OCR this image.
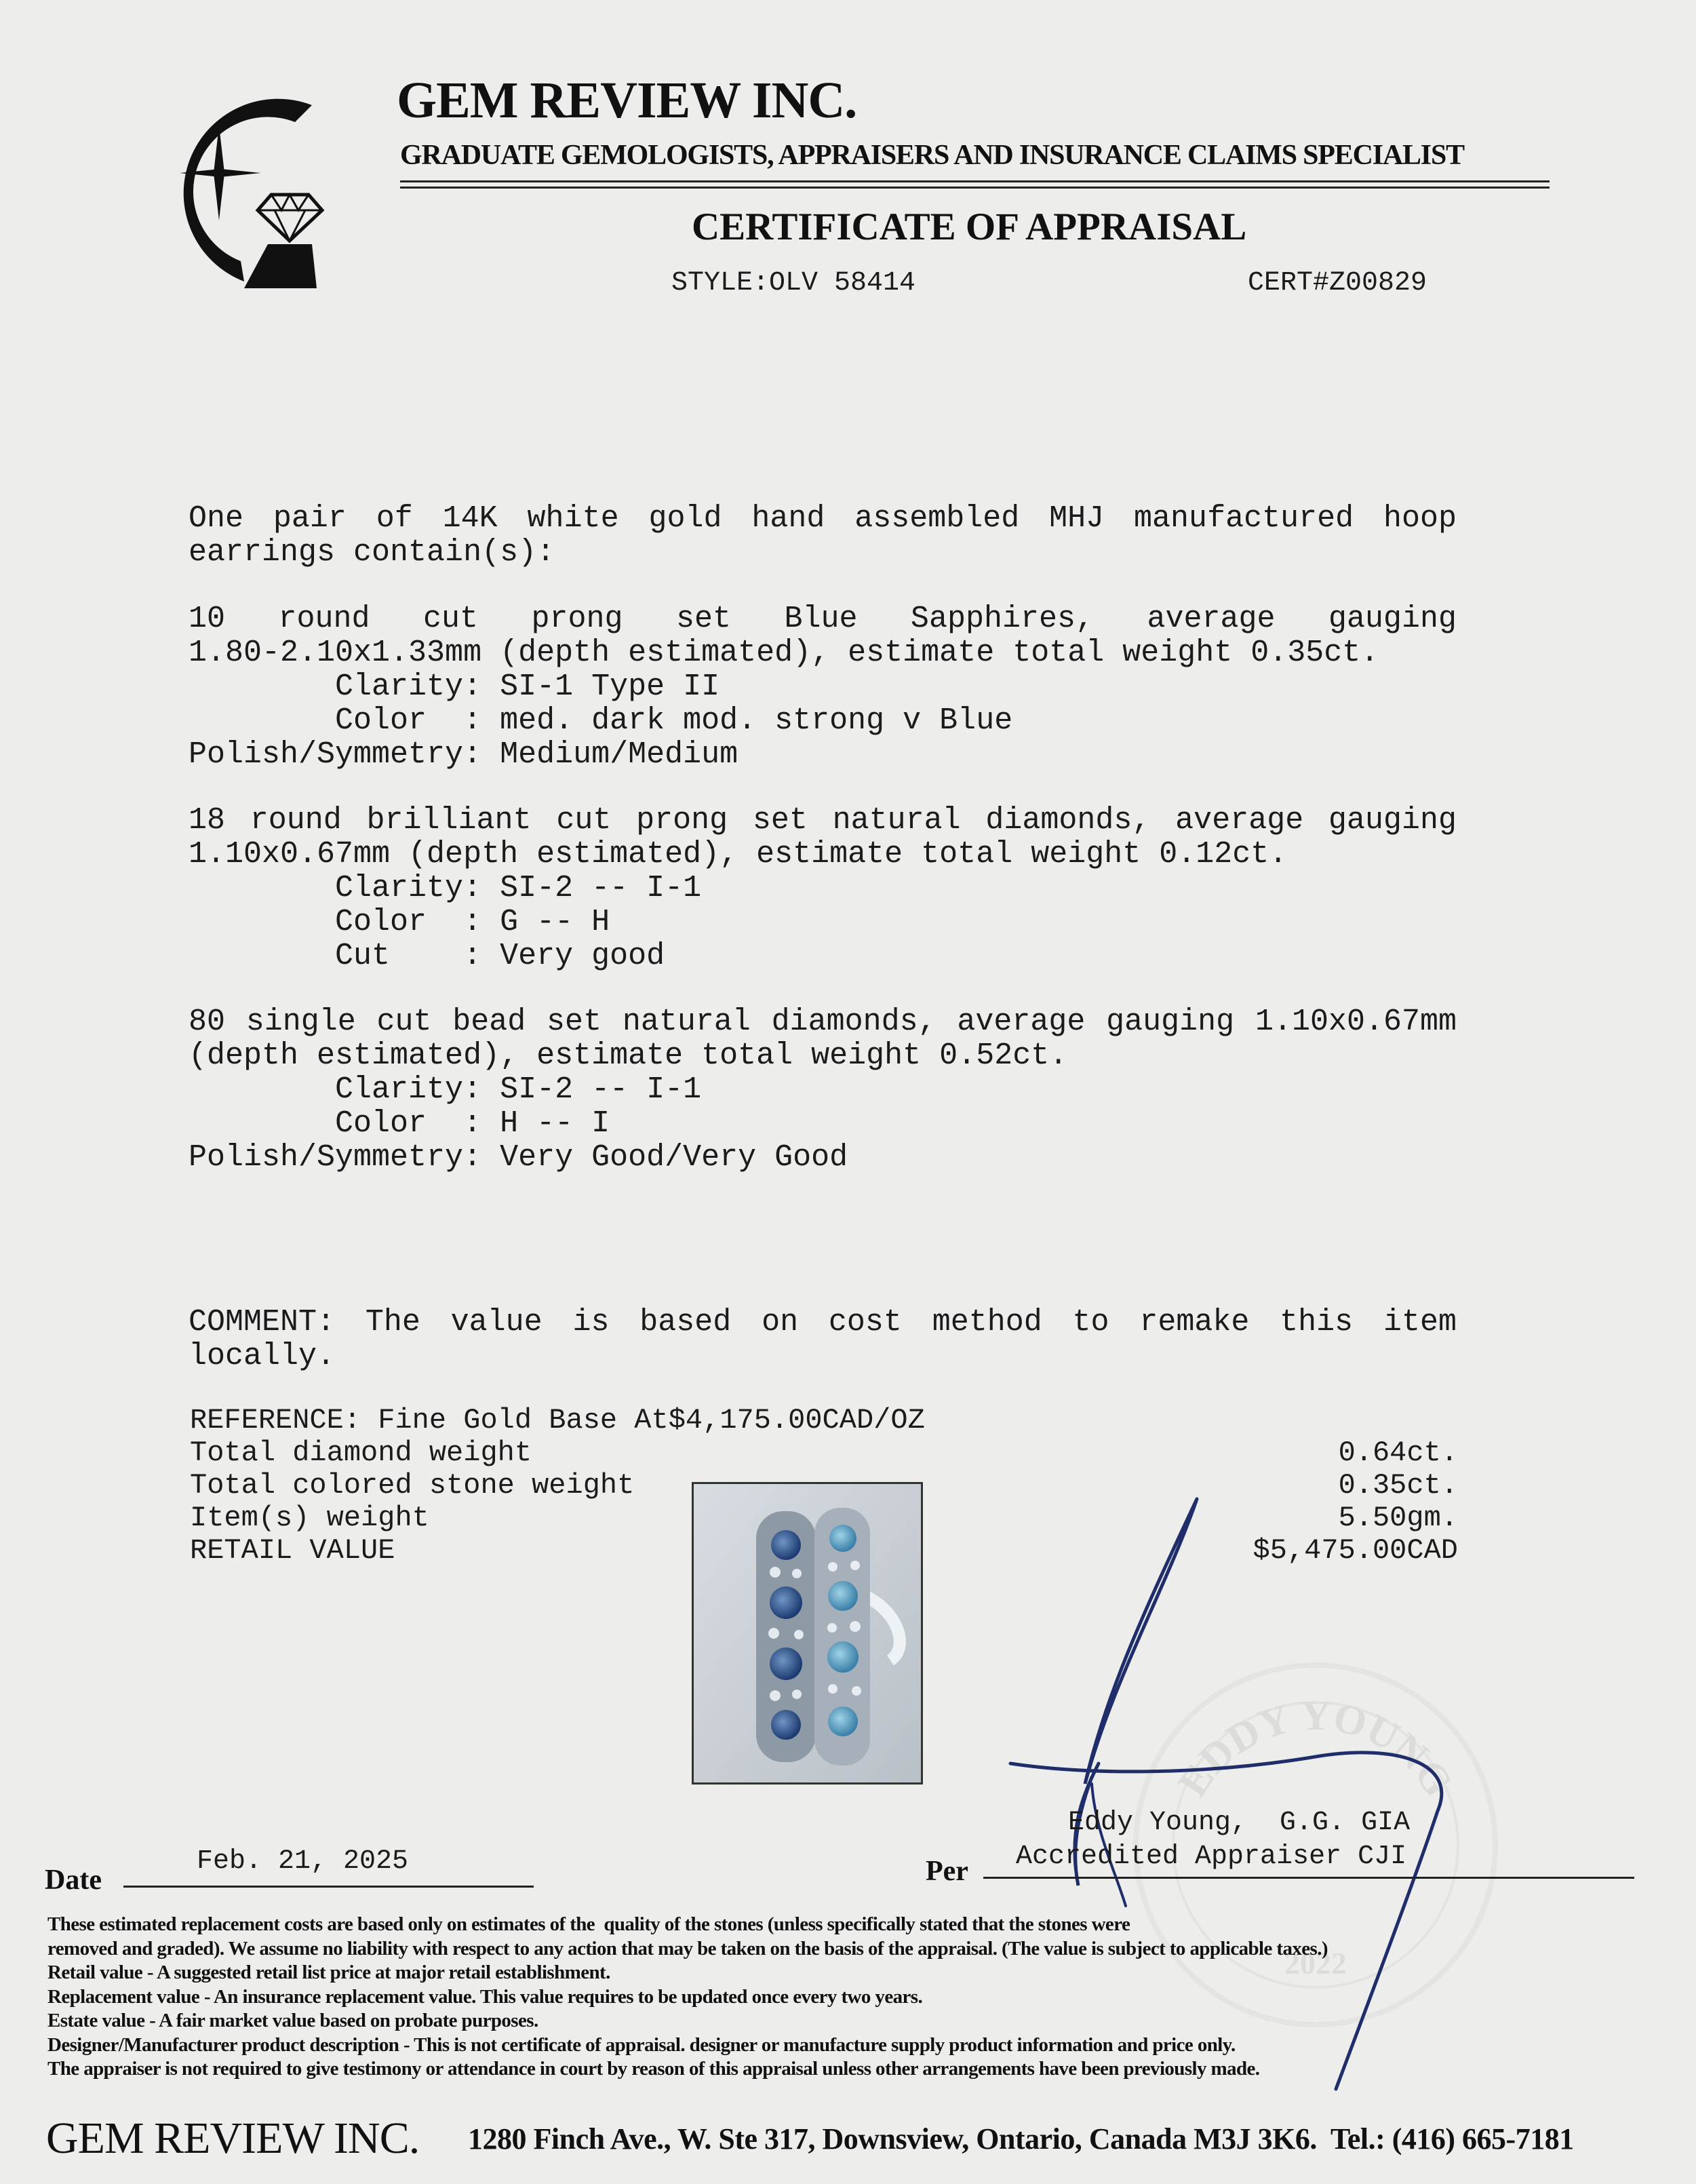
GEM REVIEW INC.
GRADUATE GEMOLOGISTS, APPRAISERS AND INSURANCE CLAIMS SPECIALIST
CERTIFICATE OF APPRAISAL
STYLE:OLV 58414	CERT#Z00829
One pair of 14K white gold hand assembled MHJ manufactured hoop
earrings contain(s):
10 round cut prong set Blue Sapphires, average gauging
1.80-2.10x1.33mm (depth estimated), estimate total weight 0.35ct.
Clarity: SI-1 Type II
Color  : med. dark mod. strong v Blue
Polish/Symmetry: Medium/Medium
18 round brilliant cut prong set natural diamonds, average gauging
1.10x0.67mm (depth estimated), estimate total weight 0.12ct.
Clarity: SI-2 -- I-1
Color  : G -- H
Cut    : Very good
80 single cut bead set natural diamonds, average gauging 1.10x0.67mm
(depth estimated), estimate total weight 0.52ct.
Clarity: SI-2 -- I-1
Color  : H -- I
Polish/Symmetry: Very Good/Very Good
COMMENT: The value is based on cost method to remake this item
locally.
REFERENCE: Fine Gold Base At$4,175.00CAD/OZ
Total diamond weight	0.64ct.
Total colored stone weight	0.35ct.
Item(s) weight	5.50gm.
RETAIL VALUE	$5,475.00CAD
EDDY YOUNG
2022
Eddy Young,  G.G. GIA
Accredited Appraiser CJI
Date
Feb. 21, 2025	Per
These estimated replacement costs are based only on estimates of the  quality of the stones (unless specifically stated that the stones were
removed and graded). We assume no liability with respect to any action that may be taken on the basis of the appraisal. (The value is subject to applicable taxes.)
Retail value - A suggested retail list price at major retail establishment.
Replacement value - An insurance replacement value. This value requires to be updated once every two years.
Estate value - A fair market value based on probate purposes.
Designer/Manufacturer product description - This is not certificate of appraisal. designer or manufacture supply product information and price only.
The appraiser is not required to give testimony or attendance in court by reason of this appraisal unless other arrangements have been previously made.
GEM REVIEW INC. 1280 Finch Ave., W. Ste 317, Downsview, Ontario, Canada M3J 3K6.  Tel.: (416) 665-7181
